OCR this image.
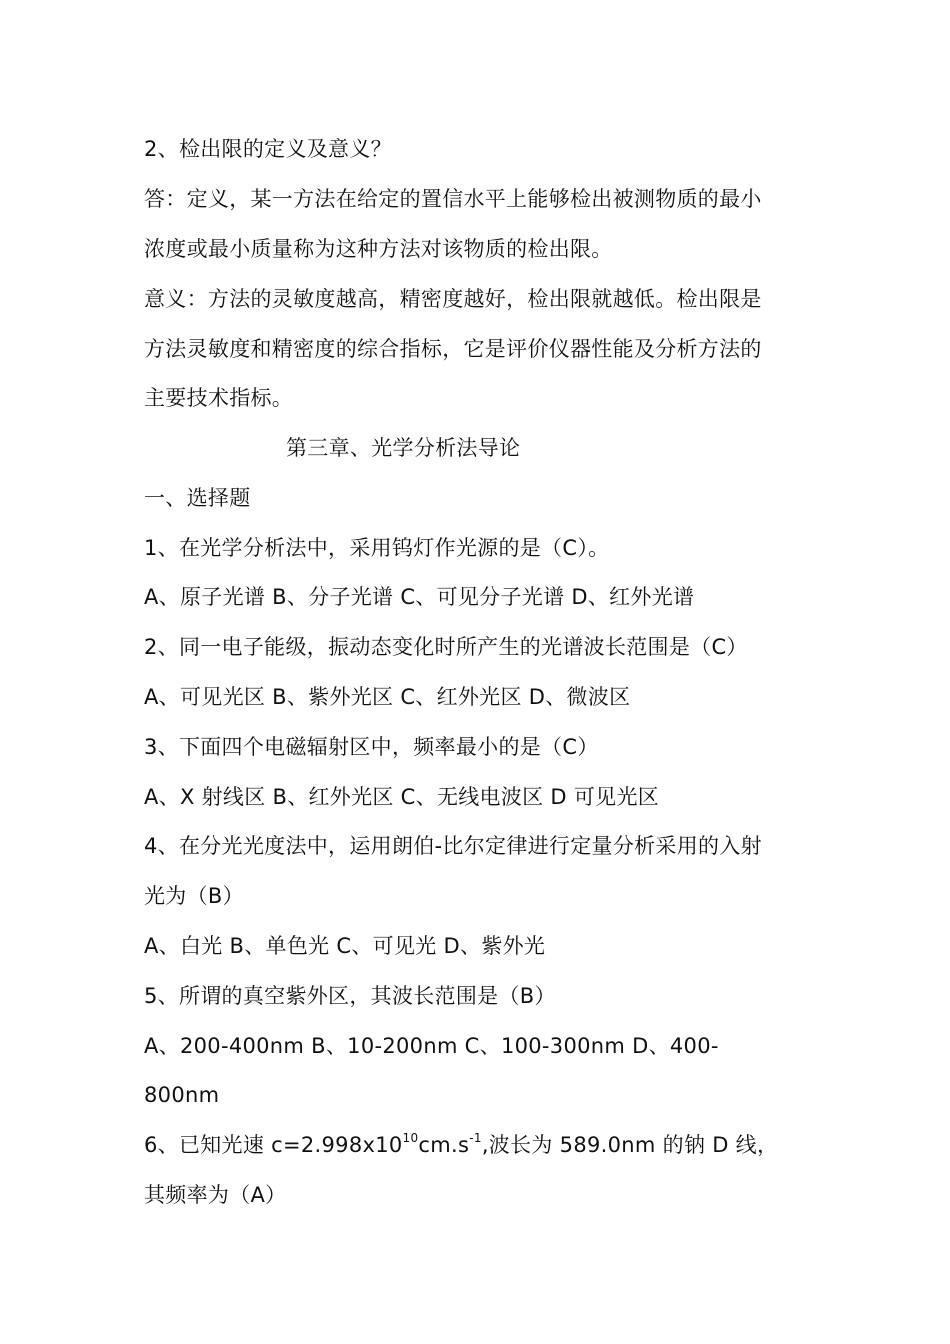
2、检出限的定义及意义？
答：定义，某一方法在给定的置信水平上能够检出被测物质的最小
浓度或最小质量称为这种方法对该物质的检出限。
意义：方法的灵敏度越高，精密度越好，检出限就越低。检出限是
方法灵敏度和精密度的综合指标，它是评价仪器性能及分析方法的
主要技术指标。
第三章、光学分析法导论
一、选择题
1、在光学分析法中，采用钨灯作光源的是（C）。
A、原子光谱 B、分子光谱 C、可见分子光谱 D、红外光谱
2、同一电子能级，振动态变化时所产生的光谱波长范围是（C）
A、可见光区 B、紫外光区 C、红外光区 D、微波区
3、下面四个电磁辐射区中，频率最小的是（C）
A、X 射线区 B、红外光区 C、无线电波区 D 可见光区
4、在分光光度法中，运用朗伯-比尔定律进行定量分析采用的入射
光为（B）
A、白光 B、单色光 C、可见光 D、紫外光
5、所谓的真空紫外区，其波长范围是（B）
A、200-400nm B、10-200nm C、100-300nm D、400-
800nm
6、已知光速 $c=2.998x10^{10}cm.s^{-1}$,波长为 589.0nm 的钠 D 线，
其频率为（A）
